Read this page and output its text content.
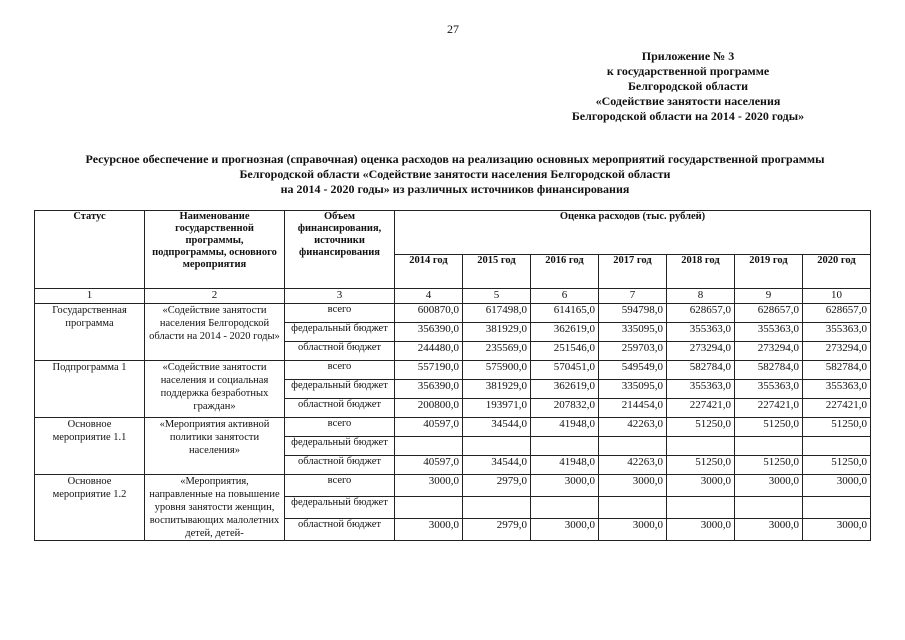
27
Приложение № 3
к государственной программе
Белгородской области
«Содействие занятости населения
Белгородской области на 2014 - 2020 годы»
Ресурсное обеспечение и прогнозная (справочная) оценка расходов на реализацию основных мероприятий государственной программы
Белгородской области «Содействие занятости населения Белгородской области
на 2014 - 2020 годы» из различных источников финансирования
Статус	Наименование государственной программы, подпрограммы, основного мероприятия	Объем финансирования, источники финансирования	Оценка расходов (тыс. рублей)						
			2014 год	2015 год	2016 год	2017 год	2018 год	2019 год	2020 год
1	2	3	4	5	6	7	8	9	10
Государственная программа	«Содействие занятости населения Белгородской области на 2014 - 2020 годы»	всего	600870,0	617498,0	614165,0	594798,0	628657,0	628657,0	628657,0
		федеральный бюджет	356390,0	381929,0	362619,0	335095,0	355363,0	355363,0	355363,0
		областной бюджет	244480,0	235569,0	251546,0	259703,0	273294,0	273294,0	273294,0
Подпрограмма 1	«Содействие занятости населения и социальная поддержка безработных граждан»	всего	557190,0	575900,0	570451,0	549549,0	582784,0	582784,0	582784,0
		федеральный бюджет	356390,0	381929,0	362619,0	335095,0	355363,0	355363,0	355363,0
		областной бюджет	200800,0	193971,0	207832,0	214454,0	227421,0	227421,0	227421,0
Основное мероприятие 1.1	«Мероприятия активной политики занятости населения»	всего	40597,0	34544,0	41948,0	42263,0	51250,0	51250,0	51250,0
		федеральный бюджет							
		областной бюджет	40597,0	34544,0	41948,0	42263,0	51250,0	51250,0	51250,0
Основное мероприятие 1.2	«Мероприятия, направленные на повышение уровня занятости женщин, воспитывающих малолетних детей, детей-	всего	3000,0	2979,0	3000,0	3000,0	3000,0	3000,0	3000,0
		федеральный бюджет							
		областной бюджет	3000,0	2979,0	3000,0	3000,0	3000,0	3000,0	3000,0
